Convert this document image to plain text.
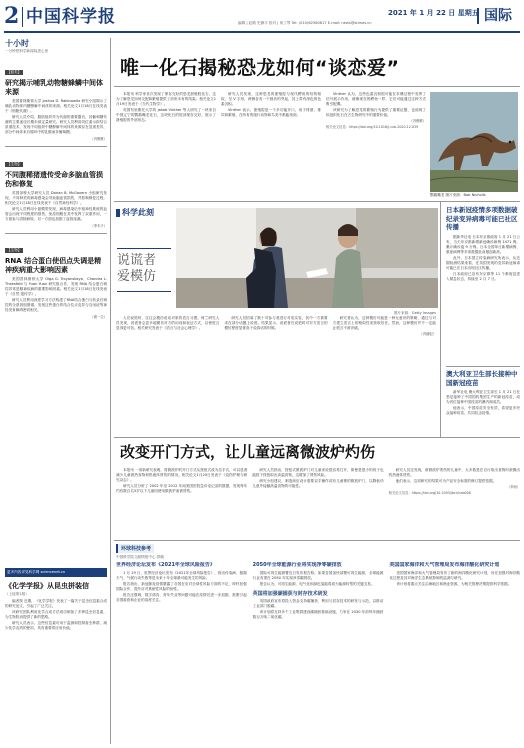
2 中国科学报	2021 年 1 月 22 日 星期五
编辑 | 赵路 史静宇 校对 | 何工琴 Tel: (010)62580617 E-mail: news@stimes.cn	国际
十小时
一分钟把科学新闻装进心里
【蛙类】
研究揭示哺乳动物糖蜂鳞中间体来源

美国普林斯顿大学 Joshua D. Rabinowitz 研究小组揭示了哺乳动物体内糖酵解中间体的来源。相关论文1月18日在线发表于《细胞代谢》。

研究人员介绍，脂肪组织作为代谢的重要器官，其葡萄糖代谢的主要途径长期未被定量研究。研究人员利用同位素示踪结合质谱技术，发现不同组织中糖酵解中间体的来源存在显著差异，部分中间体来自循环中的乳酸而非葡萄糖。

（冯维维）
【生物】
不同腹稀猪遗传受命多脑血管损伤和修复

英国剑桥大学研究人员 Dorian B. McGavern 小组研究发现，不同种类的病毒感染会导致脑血管损伤，并影响修复过程。相关论文1月18日在线发表于《自然神经科学》。

研究人员利用小鼠模型发现，病毒感染后中枢神经系统的血管会出现不同程度的损伤，免疫细胞在其中发挥了双重作用，一方面参与清除病原，另一方面也加剧了血管渗漏。

（李木子）
【生物】
RNA 结合蛋白使侣点失调是精神疾病重大影响因素

美国普林斯顿大学 Olga G. Troyanskaya、Chandra L. Theesfeld 与 Yuan Yuan 研究组合作，发现 RNA 结合蛋白调控异常是精神疾病的重要影响因素。相关论文1月18日在线发表于《自然·遗传学》。

研究人员利用深度学习方法构建了RNA结合蛋白与转录后调控的全基因组图谱，发现这些蛋白的结合位点变异与自闭症等神经发育障碍密切相关。

（唐一尘）
更多内容详见科学网 sciencenet.cn
《化学学报》从昆虫拼装信
（上接第1版）

编者按 近期，《化学学报》发表了一篇关于昆虫信息素合成的研究论文，引起了广泛关注。

该研究团队利用化学合成方法成功制备了多种昆虫信息素，为生物防治提供了新的思路。

研究人员表示，这些信息素可用于监测和控制害虫种群，减少化学农药的使用，具有重要的应用价值。

唯一化石揭秘恐龙如何“谈恋爱”

本报讯 科学家首次发现了保存完好的恐龙泄殖腔化石，这为了解恐龙如何交配和繁殖提供了前所未有的线索。相关论文1月19日发表于《当代生物学》。

英国布里斯托大学的 Jakob Vinther 等人研究了一块来自中国辽宁的鹦鹉嘴龙化石，这块化石的尾部保存完好，展示了泄殖腔的外部形态。

研究人员发现，这种恐龙的泄殖腔与现代鳄鱼的结构相似，呈 V 字形，两侧各有一个唇状的突起，其上带有深色的色素沉积。

Vinther 表示，泄殖腔是一个多功能开口，用于排泄、排尿和繁殖，在所有的爬行动物和鸟类中都能找到。

Vinther 认为，这些色素沉积很可能在求偶过程中发挥了信号展示作用，就像现在的鳄鱼一样，它们可能通过这种方式吸引配偶。

该研究为了解恐龙的繁殖行为提供了重要证据，也说明了软组织化石在古生物研究中的重要价值。

（冯维维）
相关论文信息：https://doi.org/10.1016/j.cub.2020.12.039
鹦鹉嘴龙 图片来源：Bob Nicholls
科学此刻
说谎者爱模仿
图片来源：Getty Images

人们说谎时，往往会模仿说话对象的语言习惯。荷兰研究人员发现，说谎者会更多地模仿对方的用词和表达方式，以使谎言显得更可信。相关研究发表于《语言与社会心理学》。

研究人员招募了数十对参与者进行对话实验，其中一方被要求在部分话题上说谎。结果显示，说谎者在说谎时对对方语言的模仿程度显著高于说真话的时候。

研究者认为，这种模仿可能是一种无意识的策略，通过与对方建立语言上的相似性来获取信任。然而，这种模仿并不一定能让谎言不被识破。

（冯丽妃）
日本新冠疫情多项数据破纪录变异病毒可能已社区传播

据新华社电 日本东京都政府 1 月 21 日公布，当天东京都新增新冠确诊病例 1471 例，累计确诊逾 9 万例。日本全国单日新增病例、重症病例等多项数据此前屡创新高。

此外，日本国立传染病研究所表示，从近期检测结果来看，在英国发现的变异新冠病毒可能已在日本出现社区传播。

日本政府已宣布东京都等 11 个都府县进入紧急状态，持续至 2 月 7 日。

澳大利亚卫生部长接种中国新冠疫苗

新华社电 澳大利亚卫生部长 1 月 21 日在悉尼接种了中国国药集团生产的新冠疫苗，成为首位接种中国疫苗的澳内阁成员。

他表示，中国疫苗安全有效，希望更多民众接种疫苗，共同抗击疫情。

改变开门方式，让儿童远离微波炉灼伤

本报讯 一项新研究表明，将微波炉的开门方式从按钮式改为拉手式，可以显著减少儿童被热食物和热液体烫伤的情况。相关论文1月20日发表于《烧伤护理与研究杂志》。

研究人员分析了 2002 年至 2012 年间美国医院急诊室记录的数据，发现每年约有数百名5岁以下儿童因使用微波炉而被烫伤。

研究人员指出，按钮式微波炉门对儿童来说很容易打开，即使是很小的孩子也能按下按钮取出高温食物，这增加了烫伤风险。

研究小组建议，制造商应设计需要双手操作或有儿童锁的微波炉门，以降低幼儿意外接触高温食物的可能性。

研究人员还发现，被微波炉烫伤的儿童中，大多数是在自行取出食物时被溅出的热液体烫伤。

他们表示，这项研究的结果可为产品安全标准的修订提供依据。

（辛雨）
相关论文信息：https://doi.org/10.1093/jbcr/irab008
环球科技参考
中国科学院文献情报中心 供稿
世界经济论坛发布《2021年全球风险报告》

1 月 19 日，世界经济论坛发布《2021年全球风险报告》，指出传染病、极端天气、气候行动失败等是未来十年全球最可能发生的风险。

报告指出，新冠肺炎疫情暴露了各国在应对全球性风险方面的不足，呼吁加强国际合作，提升应对系统性风险的韧性。

报告还强调，数字鸿沟、青年失业等问题可能在疫情后进一步加剧，需要引起各国政府和企业的高度关注。

2050年全球能源行业将实现净零碳排放

国际可再生能源署近日发布报告称，如果各国加快部署可再生能源，全球能源行业有望在 2050 年实现净零碳排放。

报告认为，可再生能源、电气化和绿色氢能将成为能源转型的关键支柱。

英国将加强碳捕获与封存技术研发

英国政府宣布将投入资金支持碳捕获、利用与封存技术的研发与示范，以推动工业部门脱碳。

该计划将支持多个工业集群建设碳捕获基础设施，力争在 2030 年前每年捕获数百万吨二氧化碳。

美国国家海洋和大气管理局发布海洋酸化研究计划

美国国家海洋和大气管理局发布了新的海洋酸化研究计划，旨在加强对海洋酸化过程及其对海洋生态系统影响的监测与研究。

该计划将重点关注沿海地区和渔业资源，为相关管理决策提供科学依据。
